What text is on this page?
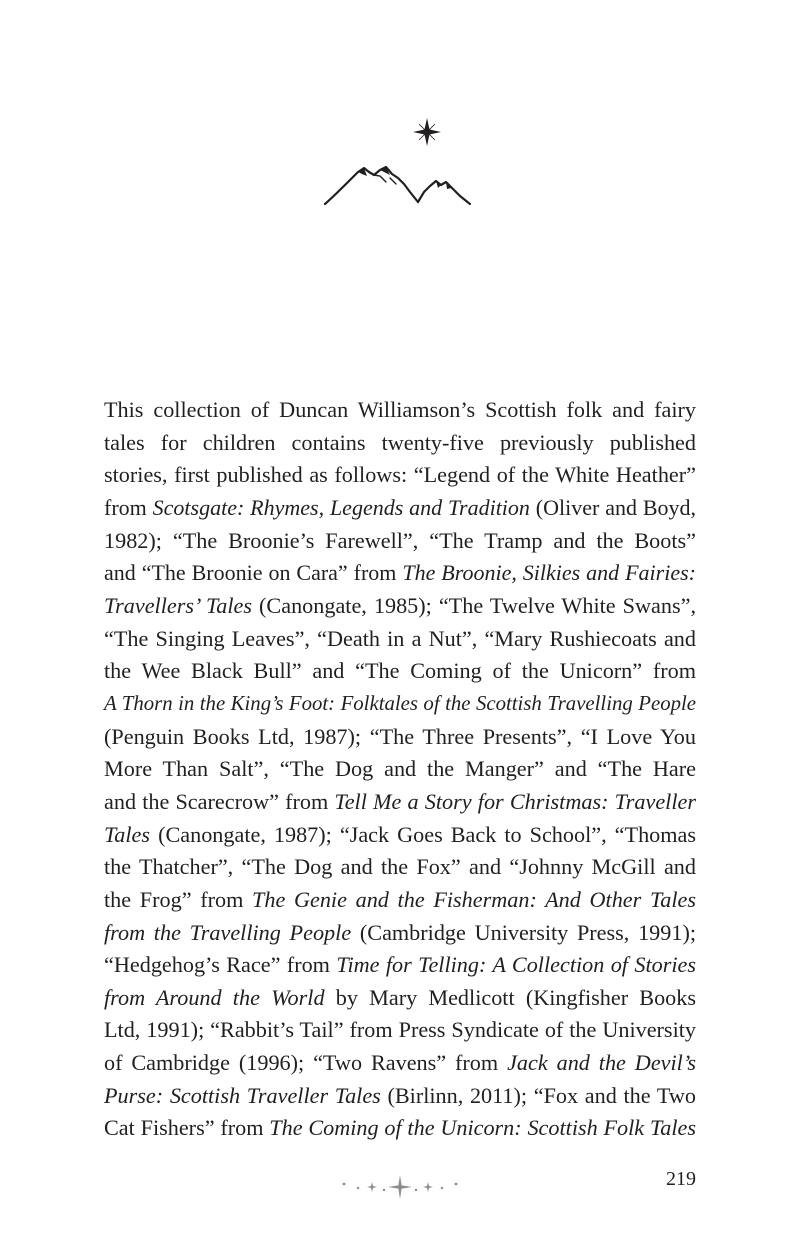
This collection of Duncan Williamson’s Scottish folk and fairy
tales for children contains twenty-five previously published
stories, first published as follows: “Legend of the White Heather”
from Scotsgate: Rhymes, Legends and Tradition (Oliver and Boyd,
1982); “The Broonie’s Farewell”, “The Tramp and the Boots”
and “The Broonie on Cara” from The Broonie, Silkies and Fairies:
Travellers’ Tales (Canongate, 1985); “The Twelve White Swans”,
“The Singing Leaves”, “Death in a Nut”, “Mary Rushiecoats and
the Wee Black Bull” and “The Coming of the Unicorn” from
A Thorn in the King’s Foot: Folktales of the Scottish Travelling People
(Penguin Books Ltd, 1987); “The Three Presents”, “I Love You
More Than Salt”, “The Dog and the Manger” and “The Hare
and the Scarecrow” from Tell Me a Story for Christmas: Traveller
Tales (Canongate, 1987); “Jack Goes Back to School”, “Thomas
the Thatcher”, “The Dog and the Fox” and “Johnny McGill and
the Frog” from The Genie and the Fisherman: And Other Tales
from the Travelling People (Cambridge University Press, 1991);
“Hedgehog’s Race” from Time for Telling: A Collection of Stories
from Around the World by Mary Medlicott (Kingfisher Books
Ltd, 1991); “Rabbit’s Tail” from Press Syndicate of the University
of Cambridge (1996); “Two Ravens” from Jack and the Devil’s
Purse: Scottish Traveller Tales (Birlinn, 2011); “Fox and the Two
Cat Fishers” from The Coming of the Unicorn: Scottish Folk Tales
219
